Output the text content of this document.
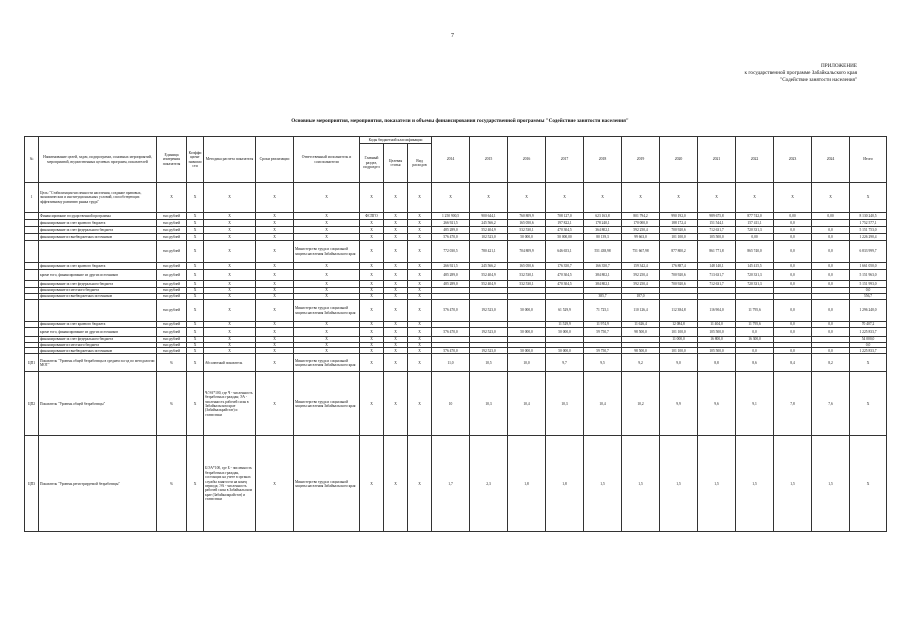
7
ПРИЛОЖЕНИЕ
к государственной программе Забайкальского края
"Содействие занятости населения"
Основные мероприятия, мероприятия, показатели и объемы финансирования государственной программы "Содействие занятости населения"
№	Наименование целей, задач, подпрограмм, основных мероприятий, мероприятий, ведомственных целевых программ, показателей	Единица измерения показателя	Коэффициент значимости	Методика расчета показателя	Сроки реализации	Ответственный исполнитель и соисполнители	Коды бюджетной классификации			2014	2015	2016	2017	2018	2019	2020	2021	2022	2023	2024	Итого
							Главный раздел, подраздел	Целевая статья	Вид расходов												
1	Цель: "Стабилизация численности населения, создание правовых, экономических и институциональных условий, способствующих эффективному развитию рынка труда"	Х	Х	Х	Х	Х	Х	Х	Х	Х	Х	Х	Х	Х	Х	Х	Х	Х	Х	Х	Х
	Финансирование государственной программы	тыс.рублей	Х	Х	Х	Х	ФСПГО	Х	Х	1 250 900,5	900 644,1	760 809,9	708 127,0	623 163,8	801 794,2	990 192,0	989 675,8	877 742,0	0,00	0,00	8 130 240,5
	финансирование за счет краевого бюджета	тыс.рублей	Х	Х	Х	Х	Х	Х	Х	266 921,5	245 566,2	165 050,6	197 822,1	178 240,1	170 000,0	188 172,4	151 544,1	157 411,1	0,0		1 752 577,1
	финансирование за счет федерального бюджета	тыс.рублей	Х	Х	Х	Х	Х	Х	Х	485 289,0	552 404,9	532 530,1	470 304,5	364 802,1	592 250,4	700 920,6	712 631,7	720 331,3	0,0	0,0	5 151 753,0
	финансирование из внебюджетных источников	тыс.рублей	Х	Х	Х	Х	Х	Х	Х	576 470,0	102 523,0	50 000,0	50 000,00	80 139,3	99 663,0	101 100,0	105 500,0	0,00	0,0	0,0	1 226 290,4
		тыс.рублей	Х	Х	Х	Министерство труда и социальной защиты населения Забайкальского края	Х	Х	Х	772 030,5	780 421,1	704 809,9	646 653,1	551 438,98	751 667,98	877 800,2	861 771,8	865 740,0	0,0	0,0	6 833 999,7
	финансирование за счет краевого бюджета	тыс.рублей	Х	Х	Х	Х	Х	Х	Х	266 921,5	245 566,2	165 050,6	176 350,7	166 350,7	159 342,4	176 887,4	148 140,1	145 415,5	0,0	0,0	1 661 050,0
	кроме того, финансирование из других источников	тыс.рублей	Х	Х	Х	Х	Х	Х	Х	485 289,0	552 404,9	532 530,1	470 304,5	384 802,1	592 250,4	700 920,6	713 631,7	720 331,3	0,0	0,0	5 151 963,0
	финансирование за счет федерального бюджета	тыс.рублей	Х	Х	Х	Х	Х	Х	Х	485 289,0	552 404,9	532 530,1	470 304,5	384 802,1	592 250,4	700 920,6	712 631,7	720 331,3	0,0	0,0	5 151 993,0
	финансирование из местного бюджета	тыс.рублей	Х	Х	Х	Х	Х	Х	Х												0,0
	финансирование из внебюджетных источников	тыс.рублей	Х	Х	Х	Х	Х	Х	Х					385,7	187,0						556,7
		тыс.рублей	Х	Х	Х	Министерство труда и социальной защиты населения Забайкальского края	Х	Х	Х	576 470,0	192 523,0	50 000,0	61 529,9	71 725,1	110 126,4	112 384,8	116 904,0	11 795,6	0,0	0,0	1 296 240,0
	финансирование за счет краевого бюджета	тыс.рублей	Х	Х	Х	Х	Х	Х	Х				11 529,9	11 974,9	11 626,4	12 084,8	11 404,0	11 795,6	0,0	0,0	70 407,2
	кроме того, финансирование из других источников	тыс.рублей	Х	Х	Х	Х	Х	Х	Х	576 470,0	192 523,0	50 000,0	50 000,0	59 750,7	98 500,0	101 100,0	105 500,0	0,0	0,0	0,0	1 225 833,7
	финансирование за счет федерального бюджета	тыс.рублей	Х	Х	Х	Х	Х	Х	Х							11 000,0	16 800,0	16 300,0			54 000,0
	финансирование из местного бюджета	тыс.рублей	Х	Х	Х	Х	Х	Х	Х												0,0
	финансирование из внебюджетных источников	тыс.рублей	Х	Х	Х	Х	Х	Х	Х	576 470,0	192 523,0	50 000,0	50 000,0	59 750,7	98 500,0	101 100,0	105 500,0	0,0	0,0	0,0	1 225 833,7
ЦП1	Показатель "Уровень общей безработицы в среднем за год по методологии МОТ"	%	Х	Абсолютный показатель	Х	Министерство труда и социальной защиты населения Забайкальского края	Х	Х	Х	11,0	10,5	10,0	9,7	9,5	9,2	9,0	8,8	8,6	8,4	8,2	Х
ЦП2	Показатель "Уровень общей безработицы"	%	Х	Ч/ЭА*100, где Ч - численность безработных граждан; ЭА - численность рабочей силы в Забайкальском крае (Забайкалкрайстат) и статистики	Х	Министерство труда и социальной защиты населения Забайкальского края	Х	Х	Х	10	10,3	10,4	10,3	10,4	10,2	9,9	9,6	9,1	7,8	7,6	Х
ЦП3	Показатель "Уровень регистрируемой безработицы"	%	Х	Б/ЭА*100, где Б - численность безработных граждан, состоящих на учете в органах службы занятости на конец периода; ЭА - численность рабочей силы в Забайкальском крае (Забайкалкрайстат) и статистики	Х	Министерство труда и социальной защиты населения Забайкальского края	Х	Х	Х	1,7	2,3	1,8	1,8	1,5	1,5	1,5	1,5	1,5	1,5	1,5	Х
